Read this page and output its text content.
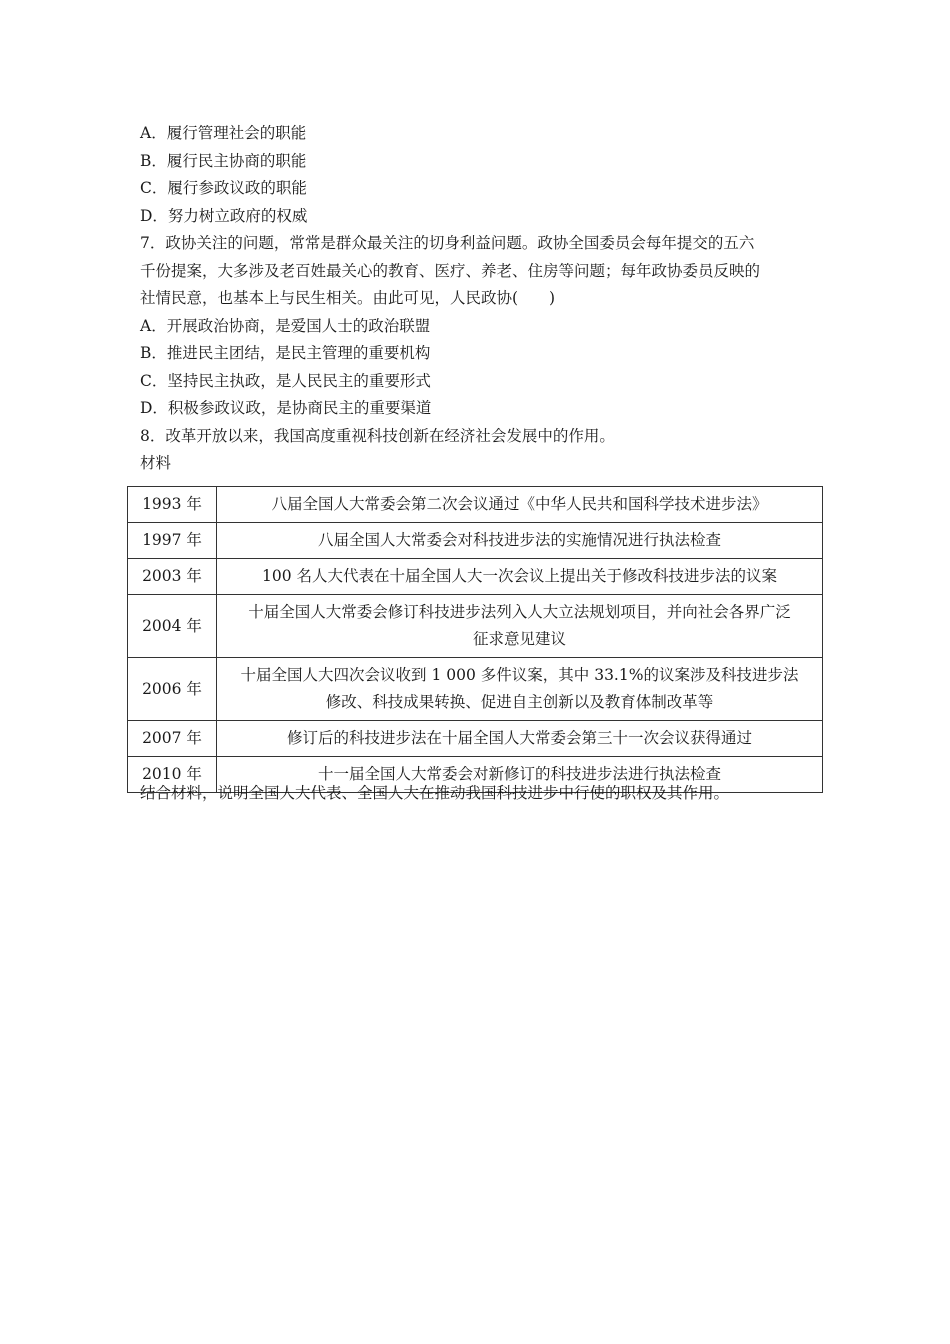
A．履行管理社会的职能
B．履行民主协商的职能
C．履行参政议政的职能
D．努力树立政府的权威
7．政协关注的问题，常常是群众最关注的切身利益问题。政协全国委员会每年提交的五六
千份提案，大多涉及老百姓最关心的教育、医疗、养老、住房等问题；每年政协委员反映的
社情民意，也基本上与民生相关。由此可见，人民政协(　　)
A．开展政治协商，是爱国人士的政治联盟
B．推进民主团结，是民主管理的重要机构
C．坚持民主执政，是人民民主的重要形式
D．积极参政议政，是协商民主的重要渠道
8．改革开放以来，我国高度重视科技创新在经济社会发展中的作用。
材料
1993 年	八届全国人大常委会第二次会议通过《中华人民共和国科学技术进步法》
1997 年	八届全国人大常委会对科技进步法的实施情况进行执法检查
2003 年	100 名人大代表在十届全国人大一次会议上提出关于修改科技进步法的议案
2004 年	十届全国人大常委会修订科技进步法列入人大立法规划项目，并向社会各界广泛
征求意见建议
2006 年	十届全国人大四次会议收到 1 000 多件议案，其中 33.1%的议案涉及科技进步法
修改、科技成果转换、促进自主创新以及教育体制改革等
2007 年	修订后的科技进步法在十届全国人大常委会第三十一次会议获得通过
2010 年	十一届全国人大常委会对新修订的科技进步法进行执法检查
结合材料，说明全国人大代表、全国人大在推动我国科技进步中行使的职权及其作用。
